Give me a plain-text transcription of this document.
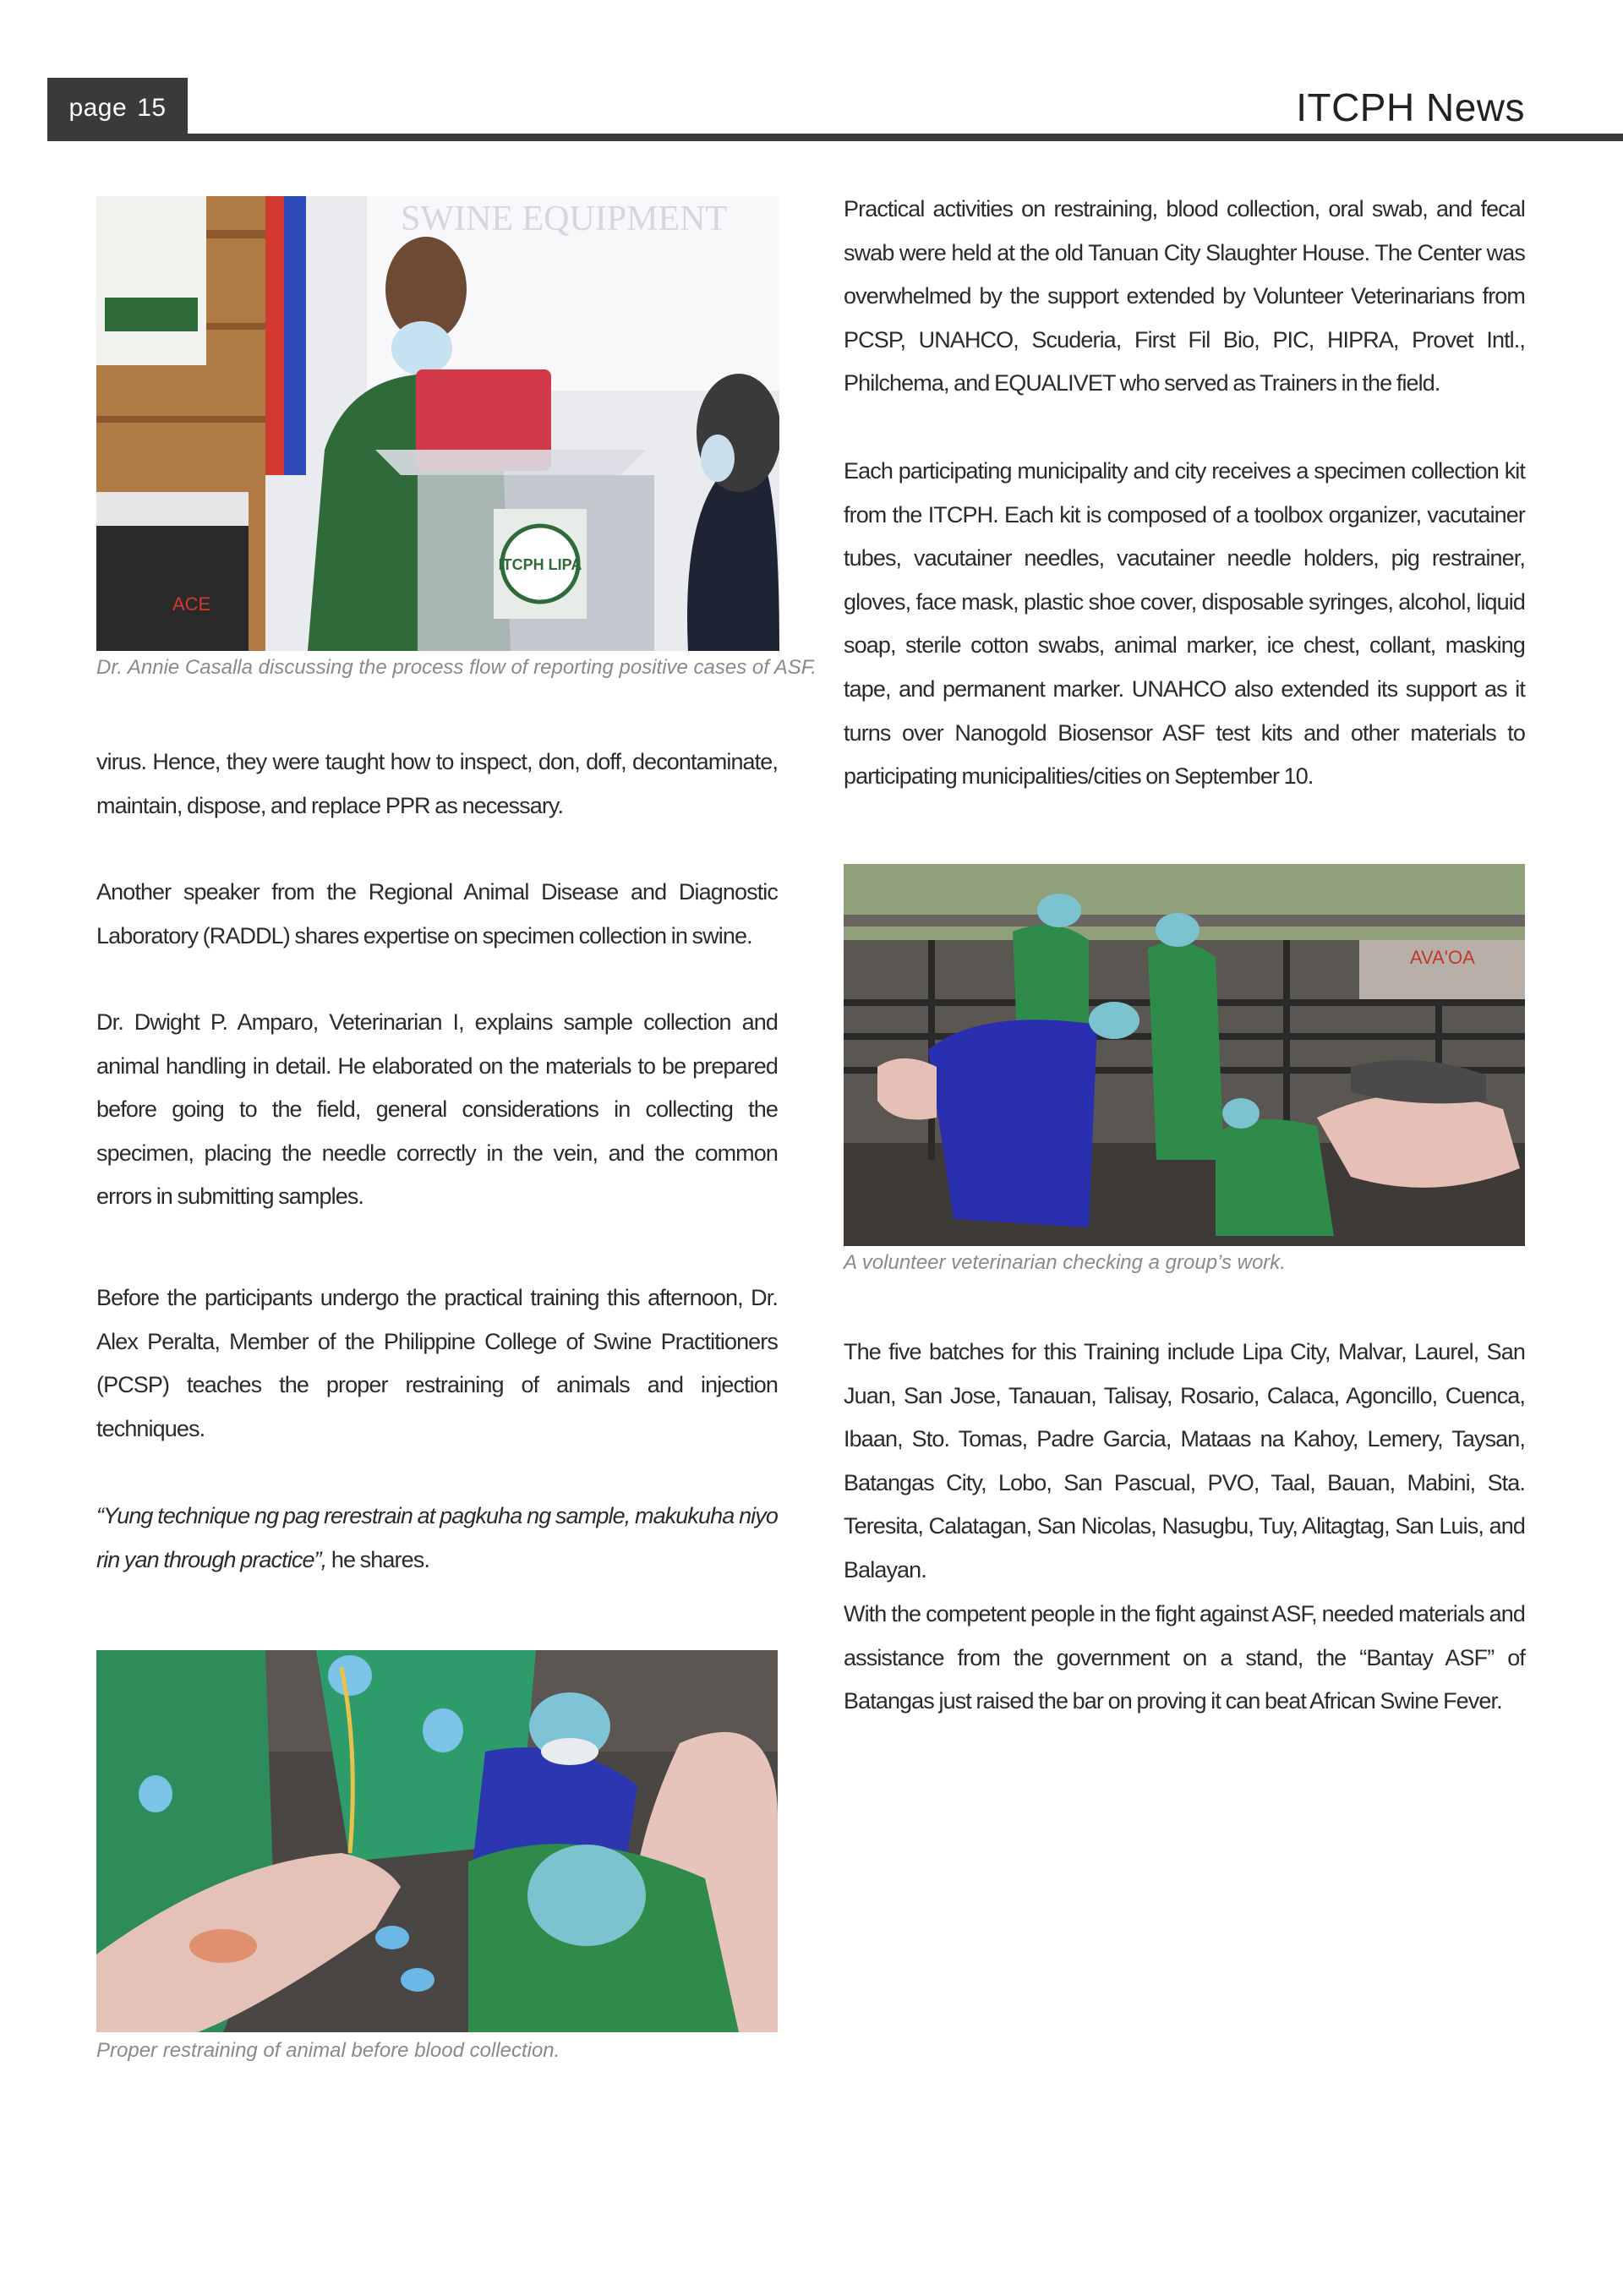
page 15	ITCPH News
SWINE EQUIPMENT
ACE
ITCPH LIPA
Dr. Annie Casalla discussing the process flow of reporting positive cases of ASF.

virus. Hence, they were taught how to inspect, don, doff, decontaminate, maintain, dispose, and replace PPR as necessary.

Another speaker from the Regional Animal Disease and Diagnostic Laboratory (RADDL) shares expertise on specimen collection in swine.

Dr. Dwight P. Amparo, Veterinarian I, explains sample collection and animal handling in detail. He elaborated on the materials to be prepared before going to the field, general considerations in collecting the specimen, placing the needle correctly in the vein, and the common errors in submitting samples.

Before the participants undergo the practical training this afternoon, Dr. Alex Peralta, Member of the Philippine College of Swine Practitioners (PCSP) teaches the proper restraining of animals and injection techniques.

“Yung technique ng pag rerestrain at pagkuha ng sample, makukuha niyo rin yan through practice”, he shares.

Proper restraining of animal before blood collection.

Practical activities on restraining, blood collection, oral swab, and fecal swab were held at the old Tanuan City Slaughter House. The Center was overwhelmed by the support extended by Volunteer Veterinarians from PCSP, UNAHCO, Scuderia, First Fil Bio, PIC, HIPRA, Provet Intl., Philchema, and EQUALIVET who served as Trainers in the field.

Each participating municipality and city receives a specimen collection kit from the ITCPH. Each kit is composed of a toolbox organizer, vacutainer tubes, vacutainer needles, vacutainer needle holders, pig restrainer, gloves, face mask, plastic shoe cover, disposable syringes, alcohol, liquid soap, sterile cotton swabs, animal marker, ice chest, collant, masking tape, and permanent marker. UNAHCO also extended its support as it turns over Nanogold Biosensor ASF test kits and other materials to participating municipalities/cities on September 10.

AVA'OA
A volunteer veterinarian checking a group’s work.

The five batches for this Training include Lipa City, Malvar, Laurel, San Juan, San Jose, Tanauan, Talisay, Rosario, Calaca, Agoncillo, Cuenca, Ibaan, Sto. Tomas, Padre Garcia, Mataas na Kahoy, Lemery, Taysan, Batangas City, Lobo, San Pascual, PVO, Taal, Bauan, Mabini, Sta. Teresita, Calatagan, San Nicolas, Nasugbu, Tuy, Alitagtag, San Luis, and Balayan.

With the competent people in the fight against ASF, needed materials and assistance from the government on a stand, the “Bantay ASF” of Batangas just raised the bar on proving it can beat African Swine Fever.
